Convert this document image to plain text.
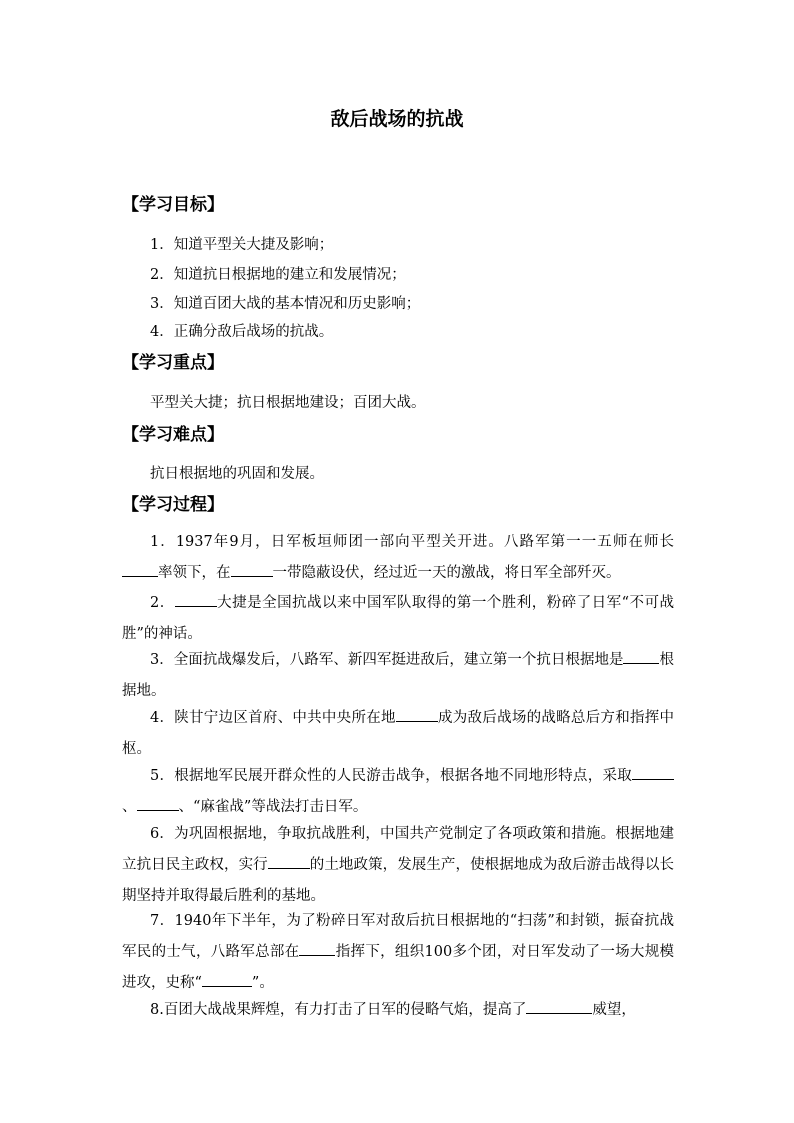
敌后战场的抗战
【学习目标】
1．知道平型关大捷及影响；
2．知道抗日根据地的建立和发展情况；
3．知道百团大战的基本情况和历史影响；
4．正确分敌后战场的抗战。
【学习重点】
平型关大捷；抗日根据地建设；百团大战。
【学习难点】
抗日根据地的巩固和发展。
【学习过程】
1．1937年9月，日军板垣师团一部向平型关开进。八路军第一一五师在师长率领下，在	一带隐蔽设伏，经过近一天的激战，将日军全部歼灭。
2．	大捷是全国抗战以来中国军队取得的第一个胜利，粉碎了日军“不可战胜”的神话。
3．全面抗战爆发后，八路军、新四军挺进敌后，建立第一个抗日根据地是 根据地。
4．陕甘宁边区首府、中共中央所在地	成为敌后战场的战略总后方和指挥中枢。
5．根据地军民展开群众性的人民游击战争，根据各地不同地形特点，采取、	、“麻雀战”等战法打击日军。
6．为巩固根据地，争取抗战胜利，中国共产党制定了各项政策和措施。根据地建立抗日民主政权，实行	的土地政策，发展生产，使根据地成为敌后游击战得以长期坚持并取得最后胜利的基地。
7．1940年下半年，为了粉碎日军对敌后抗日根据地的“扫荡”和封锁，振奋抗战军民的士气，八路军总部在 指挥下，组织100多个团，对日军发动了一场大规模进攻，史称“	”。
8.百团大战战果辉煌，有力打击了日军的侵略气焰，提高了	威望，
